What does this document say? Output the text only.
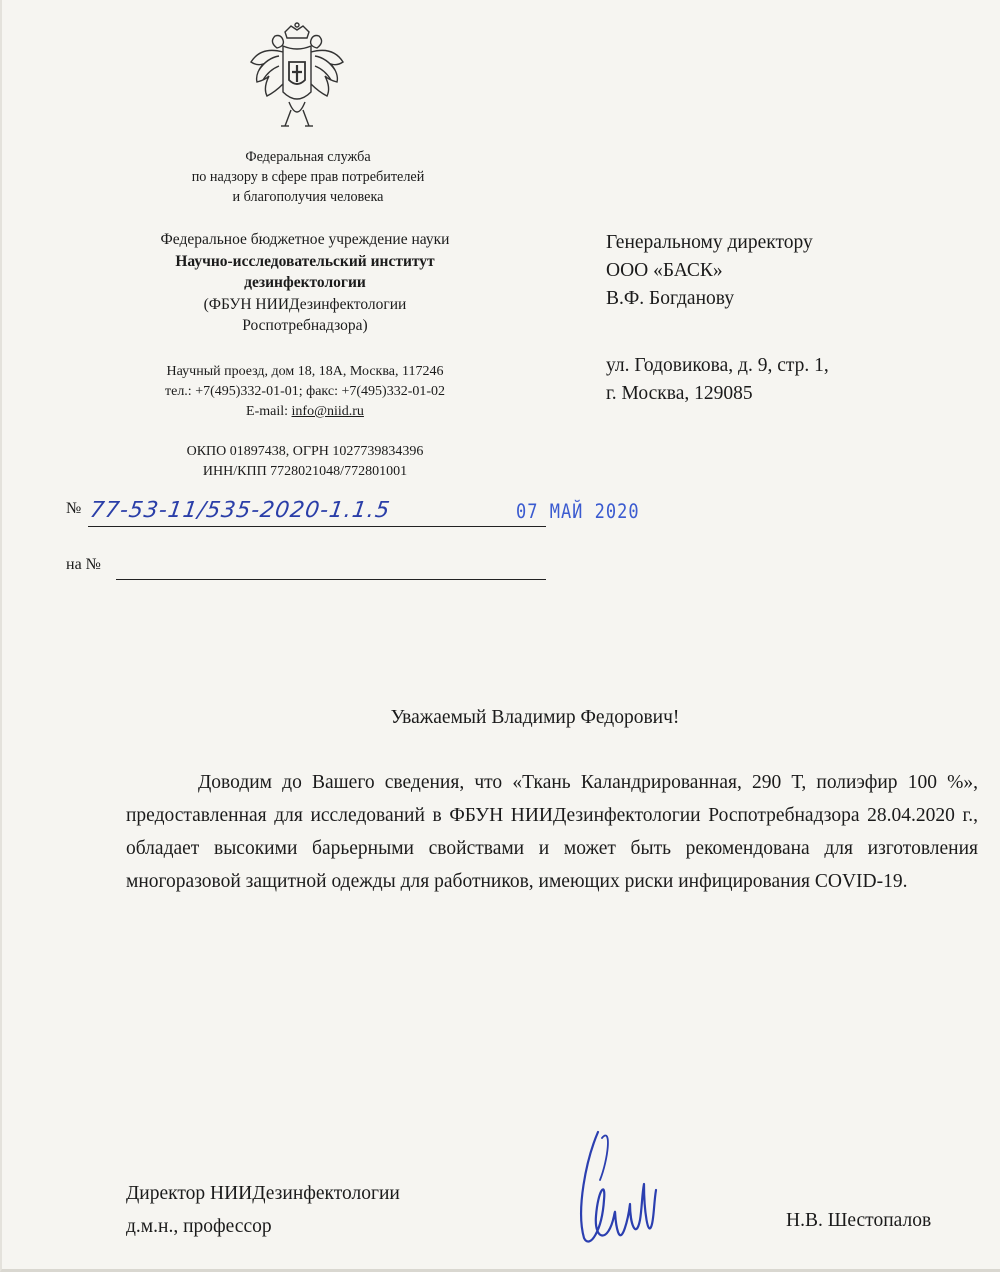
Федеральная служба
по надзору в сфере прав потребителей
и благополучия человека
Федеральное бюджетное учреждение науки
Научно-исследовательский институт
дезинфектологии
(ФБУН НИИДезинфектологии
Роспотребнадзора)
Научный проезд, дом 18, 18А, Москва, 117246
тел.: +7(495)332-01-01; факс: +7(495)332-01-02
E-mail: info@niid.ru
ОКПО 01897438, ОГРН 1027739834396
ИНН/КПП 7728021048/772801001
№ 77-53-11/535-2020-1.1.5	07 МАЙ 2020
на №
Генеральному директору
ООО «БАСК»
В.Ф. Богданову
ул. Годовикова, д. 9, стр. 1,
г. Москва, 129085
Уважаемый Владимир Федорович!
Доводим до Вашего сведения, что «Ткань Каландрированная, 290 Т, полиэфир 100 %», предоставленная для исследований в ФБУН НИИДезинфектологии Роспотребнадзора 28.04.2020 г., обладает высокими барьерными свойствами и может быть рекомендована для изготовления многоразовой защитной одежды для работников, имеющих риски инфицирования COVID-19.
Директор НИИДезинфектологии
д.м.н., профессор	Н.В. Шестопалов
